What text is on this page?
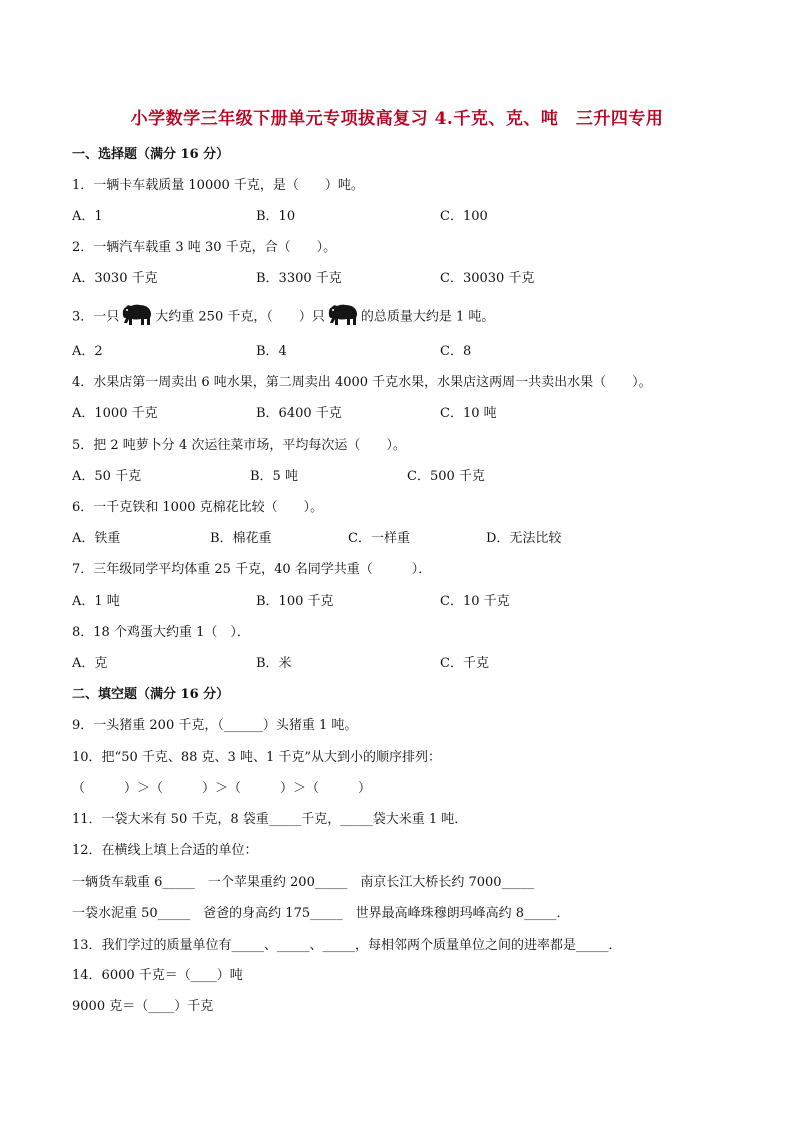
小学数学三年级下册单元专项拔高复习 4.千克、克、吨　三升四专用
一、选择题（满分 16 分）
1．一辆卡车载质量 10000 千克，是（　　）吨。
A．1	B．10	C．100
2．一辆汽车载重 3 吨 30 千克，合（　　）。
A．3030 千克	B．3300 千克	C．30030 千克
3．一只	大约重 250 千克，（　　）只	的总质量大约是 1 吨。
A．2	B．4	C．8
4．水果店第一周卖出 6 吨水果，第二周卖出 4000 千克水果，水果店这两周一共卖出水果（　　）。
A．1000 千克	B．6400 千克	C．10 吨
5．把 2 吨萝卜分 4 次运往菜市场，平均每次运（　　）。
A．50 千克	B．5 吨	C．500 千克
6．一千克铁和 1000 克棉花比较（　　）。
A．铁重	B．棉花重	C．一样重	D．无法比较
7．三年级同学平均体重 25 千克，40 名同学共重（　　　）．
A．1 吨	B．100 千克	C．10 千克
8．18 个鸡蛋大约重 1（　）．
A．克	B．米	C．千克
二、填空题（满分 16 分）
9．一头猪重 200 千克，（______）头猪重 1 吨。
10．把“50 千克、88 克、3 吨、1 千克”从大到小的顺序排列：
（　　　）＞（　　　）＞（　　　）＞（　　　）
11．一袋大米有 50 千克，8 袋重_____千克，_____袋大米重 1 吨．
12．在横线上填上合适的单位：
一辆货车载重 6_____　一个苹果重约 200_____　南京长江大桥长约 7000_____
一袋水泥重 50_____　爸爸的身高约 175_____　世界最高峰珠穆朗玛峰高约 8_____．
13．我们学过的质量单位有_____、_____、_____，每相邻两个质量单位之间的进率都是_____．
14．6000 千克＝（____）吨
9000 克＝（____）千克
